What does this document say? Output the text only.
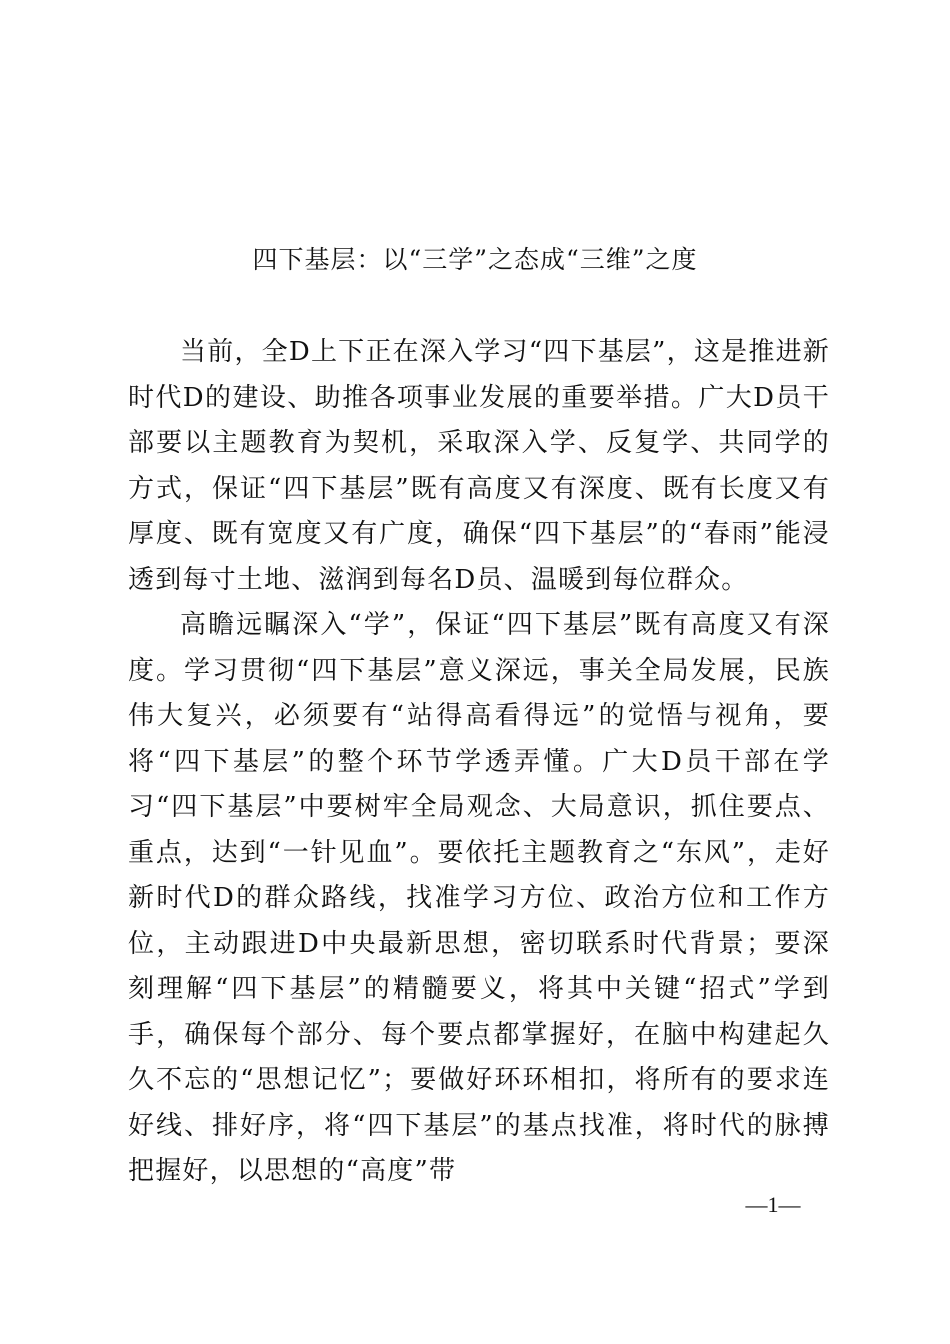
四下基层：以“三学”之态成“三维”之度

当前，全D上下正在深入学习“四下基层”，这是推进新时代D的建设、助推各项事业发展的重要举措。广大D员干部要以主题教育为契机，采取深入学、反复学、共同学的方式，保证“四下基层”既有高度又有深度、既有长度又有厚度、既有宽度又有广度，确保“四下基层”的“春雨”能浸透到每寸土地、滋润到每名D员、温暖到每位群众。

高瞻远瞩深入“学”，保证“四下基层”既有高度又有深度。学习贯彻“四下基层”意义深远，事关全局发展，民族伟大复兴，必须要有“站得高看得远”的觉悟与视角，要将“四下基层”的整个环节学透弄懂。广大D员干部在学习“四下基层”中要树牢全局观念、大局意识，抓住要点、重点，达到“一针见血”。要依托主题教育之“东风”，走好新时代D的群众路线，找准学习方位、政治方位和工作方位，主动跟进D中央最新思想，密切联系时代背景；要深刻理解“四下基层”的精髓要义，将其中关键“招式”学到手，确保每个部分、每个要点都掌握好，在脑中构建起久久不忘的“思想记忆”；要做好环环相扣，将所有的要求连好线、排好序，将“四下基层”的基点找准，将时代的脉搏把握好，以思想的“高度”带

—1—
